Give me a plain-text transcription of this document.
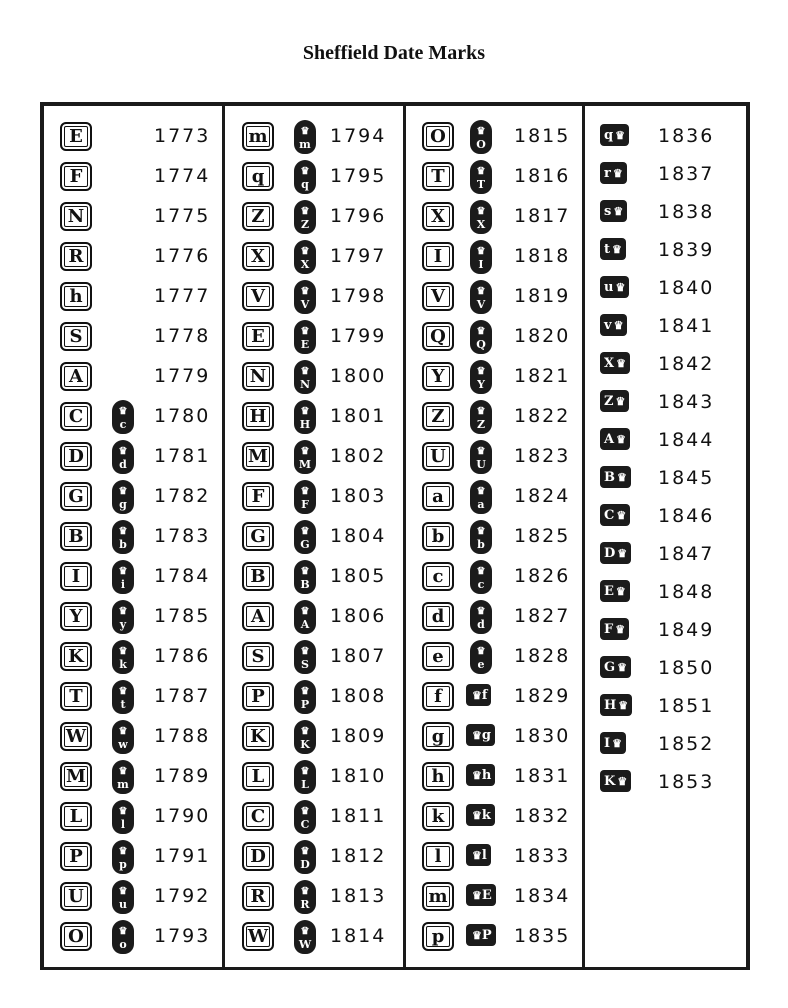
Sheffield Date Marks
E	1773
F	1774
N	1775
R	1776
h	1777
S	1778
A	1779
C	♛ c 1780
D	♛ d 1781
G	♛ g 1782
B	♛ b 1783
I	♛ i 1784
Y	♛ y 1785
K	♛ k 1786
T	♛ t 1787
W	♛ w 1788
M	♛ m 1789
L	♛ l 1790
P	♛ p 1791
U	♛ u 1792
O	♛ o 1793
m	♛ m 1794
q	♛ q 1795
Z	♛ Z 1796
X	♛ X 1797
V	♛ V 1798
E	♛ E 1799
N	♛ N 1800
H	♛ H 1801
M	♛ M 1802
F	♛ F 1803
G	♛ G 1804
B	♛ B 1805
A	♛ A 1806
S	♛ S 1807
P	♛ P 1808
K	♛ K 1809
L	♛ L 1810
C	♛ C 1811
D	♛ D 1812
R	♛ R 1813
W	♛ W 1814
O	♛ O 1815
T	♛ T 1816
X	♛ X 1817
I	♛ I 1818
V	♛ V 1819
Q	♛ Q 1820
Y	♛ Y 1821
Z	♛ Z 1822
U	♛ U 1823
a	♛ a 1824
b	♛ b 1825
c	♛ c 1826
d	♛ d 1827
e	♛ e 1828
f	♛ f 1829
g	♛ g 1830
h	♛ h 1831
k	♛ k 1832
l	♛ l 1833
m	♛ E 1834
p	♛ P 1835
q ♛ 1836
r ♛ 1837
s ♛ 1838
t ♛ 1839
u ♛ 1840
v ♛ 1841
X ♛ 1842
Z ♛ 1843
A ♛ 1844
B ♛ 1845
C ♛ 1846
D ♛ 1847
E ♛ 1848
F ♛ 1849
G ♛ 1850
H ♛ 1851
I ♛ 1852
K ♛ 1853
